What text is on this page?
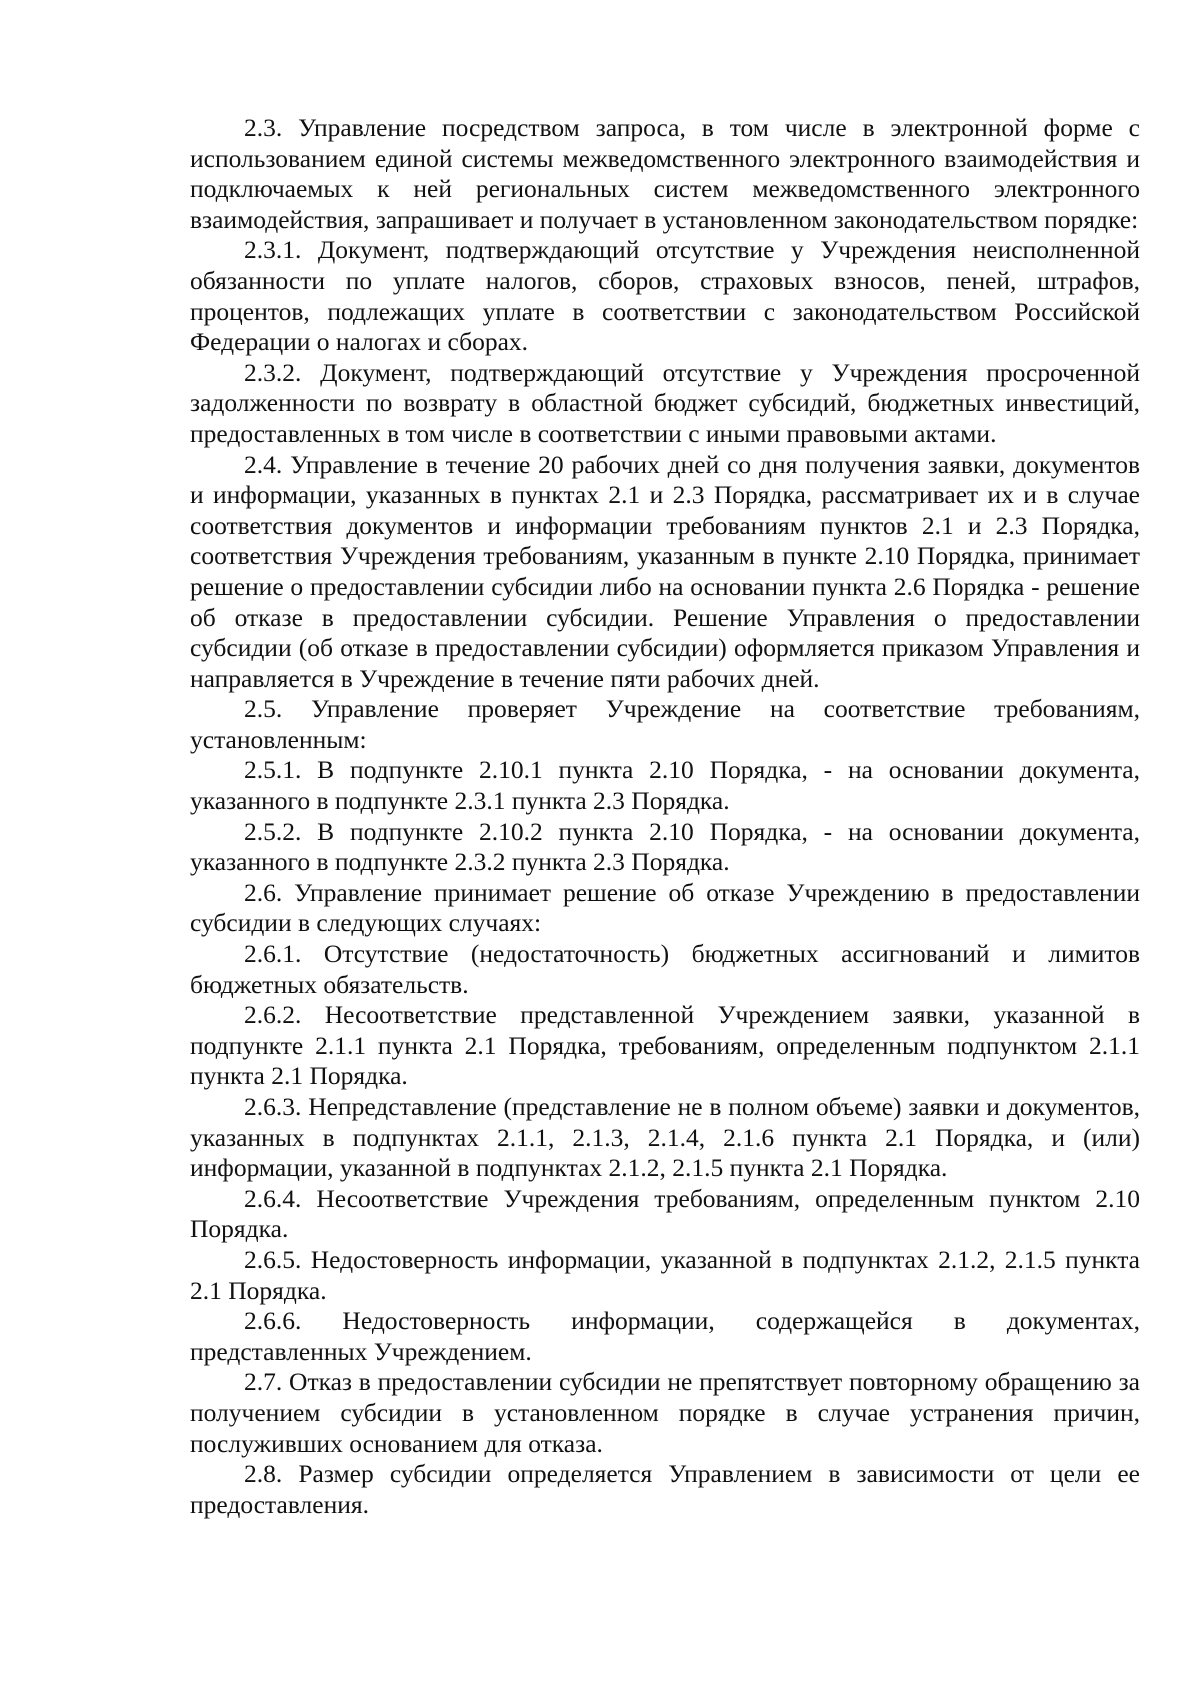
2.3. Управление посредством запроса, в том числе в электронной форме с использованием единой системы межведомственного электронного взаимодействия и подключаемых к ней региональных систем межведомственного электронного взаимодействия, запрашивает и получает в установленном законодательством порядке:

2.3.1. Документ, подтверждающий отсутствие у Учреждения неисполненной обязанности по уплате налогов, сборов, страховых взносов, пеней, штрафов, процентов, подлежащих уплате в соответствии с законодательством Российской Федерации о налогах и сборах.

2.3.2. Документ, подтверждающий отсутствие у Учреждения просроченной задолженности по возврату в областной бюджет субсидий, бюджетных инвестиций, предоставленных в том числе в соответствии с иными правовыми актами.

2.4. Управление в течение 20 рабочих дней со дня получения заявки, документов и информации, указанных в пунктах 2.1 и 2.3 Порядка, рассматривает их и в случае соответствия документов и информации требованиям пунктов 2.1 и 2.3 Порядка, соответствия Учреждения требованиям, указанным в пункте 2.10 Порядка, принимает решение о предоставлении субсидии либо на основании пункта 2.6 Порядка - решение об отказе в предоставлении субсидии. Решение Управления о предоставлении субсидии (об отказе в предоставлении субсидии) оформляется приказом Управления и направляется в Учреждение в течение пяти рабочих дней.

2.5. Управление проверяет Учреждение на соответствие требованиям, установленным:

2.5.1. В подпункте 2.10.1 пункта 2.10 Порядка, - на основании документа, указанного в подпункте 2.3.1 пункта 2.3 Порядка.

2.5.2. В подпункте 2.10.2 пункта 2.10 Порядка, - на основании документа, указанного в подпункте 2.3.2 пункта 2.3 Порядка.

2.6. Управление принимает решение об отказе Учреждению в предоставлении субсидии в следующих случаях:

2.6.1. Отсутствие (недостаточность) бюджетных ассигнований и лимитов бюджетных обязательств.

2.6.2. Несоответствие представленной Учреждением заявки, указанной в подпункте 2.1.1 пункта 2.1 Порядка, требованиям, определенным подпунктом 2.1.1 пункта 2.1 Порядка.

2.6.3. Непредставление (представление не в полном объеме) заявки и документов, указанных в подпунктах 2.1.1, 2.1.3, 2.1.4, 2.1.6 пункта 2.1 Порядка, и (или) информации, указанной в подпунктах 2.1.2, 2.1.5 пункта 2.1 Порядка.

2.6.4. Несоответствие Учреждения требованиям, определенным пунктом 2.10 Порядка.

2.6.5. Недостоверность информации, указанной в подпунктах 2.1.2, 2.1.5 пункта 2.1 Порядка.

2.6.6. Недостоверность информации, содержащейся в документах, представленных Учреждением.

2.7. Отказ в предоставлении субсидии не препятствует повторному обращению за получением субсидии в установленном порядке в случае устранения причин, послуживших основанием для отказа.

2.8. Размер субсидии определяется Управлением в зависимости от цели ее предоставления.
